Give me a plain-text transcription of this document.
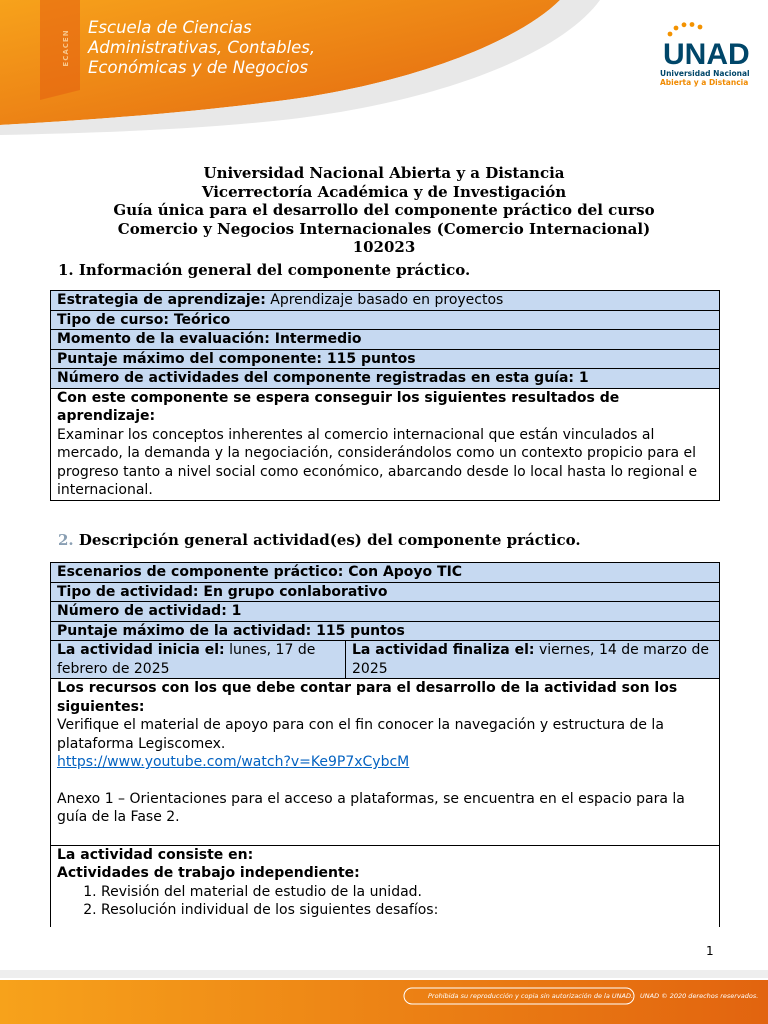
ECACEN
Escuela de Ciencias
Administrativas, Contables,
Económicas y de Negocios	UNAD
Universidad Nacional
Abierta y a Distancia
Universidad Nacional Abierta y a Distancia
Vicerrectoría Académica y de Investigación
Guía única para el desarrollo del componente práctico del curso
Comercio y Negocios Internacionales (Comercio Internacional)
102023
1. Información general del componente práctico.
Estrategia de aprendizaje: Aprendizaje basado en proyectos
Tipo de curso: Teórico
Momento de la evaluación: Intermedio
Puntaje máximo del componente: 115 puntos
Número de actividades del componente registradas en esta guía: 1

Con este componente se espera conseguir los siguientes resultados de aprendizaje:
Examinar los conceptos inherentes al comercio internacional que están vinculados al mercado, la demanda y la negociación, considerándolos como un contexto propicio para el progreso tanto a nivel social como económico, abarcando desde lo local hasta lo regional e internacional.
2. Descripción general actividad(es) del componente práctico.
Escenarios de componente práctico: Con Apoyo TIC
Tipo de actividad: En grupo conlaborativo
Número de actividad: 1
Puntaje máximo de la actividad: 115 puntos
La actividad inicia el: lunes, 17 de febrero de 2025	La actividad finaliza el: viernes, 14 de marzo de 2025

Los recursos con los que debe contar para el desarrollo de la actividad son los siguientes:
Verifique el material de apoyo para con el fin conocer la navegación y estructura de la plataforma Legiscomex.
https://www.youtube.com/watch?v=Ke9P7xCybcM
Anexo 1 – Orientaciones para el acceso a plataformas, se encuentra en el espacio para la guía de la Fase 2.

La actividad consiste en:
Actividades de trabajo independiente:
1. Revisión del material de estudio de la unidad.
2. Resolución individual de los siguientes desafíos:
1
Prohibida su reproducción y copia sin autorización de la UNAD. UNAD © 2020 derechos reservados.
